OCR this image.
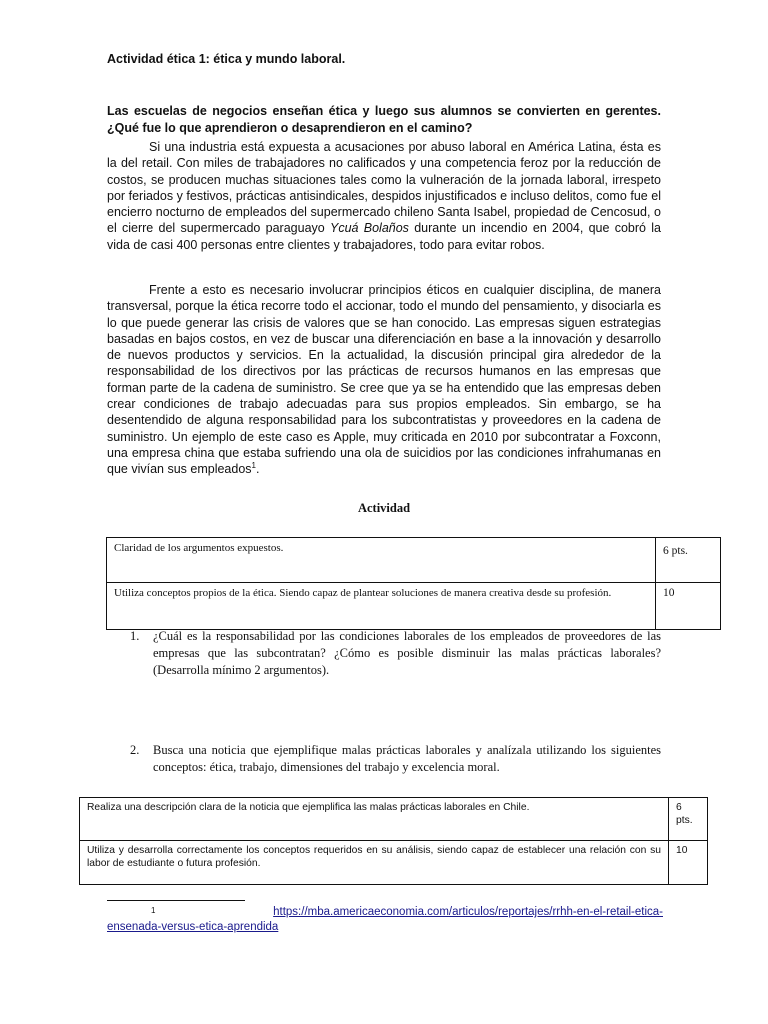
Actividad ética 1: ética y mundo laboral.
Las escuelas de negocios enseñan ética y luego sus alumnos se convierten en gerentes. ¿Qué fue lo que aprendieron o desaprendieron en el camino?

Si una industria está expuesta a acusaciones por abuso laboral en América Latina, ésta es la del retail. Con miles de trabajadores no calificados y una competencia feroz por la reducción de costos, se producen muchas situaciones tales como la vulneración de la jornada laboral, irrespeto por feriados y festivos, prácticas antisindicales, despidos injustificados e incluso delitos, como fue el encierro nocturno de empleados del supermercado chileno Santa Isabel, propiedad de Cencosud, o el cierre del supermercado paraguayo Ycuá Bolaños durante un incendio en 2004, que cobró la vida de casi 400 personas entre clientes y trabajadores, todo para evitar robos.

Frente a esto es necesario involucrar principios éticos en cualquier disciplina, de manera transversal, porque la ética recorre todo el accionar, todo el mundo del pensamiento, y disociarla es lo que puede generar las crisis de valores que se han conocido. Las empresas siguen estrategias basadas en bajos costos, en vez de buscar una diferenciación en base a la innovación y desarrollo de nuevos productos y servicios. En la actualidad, la discusión principal gira alrededor de la responsabilidad de los directivos por las prácticas de recursos humanos en las empresas que forman parte de la cadena de suministro. Se cree que ya se ha entendido que las empresas deben crear condiciones de trabajo adecuadas para sus propios empleados. Sin embargo, se ha desentendido de alguna responsabilidad para los subcontratistas y proveedores en la cadena de suministro. Un ejemplo de este caso es Apple, muy criticada en 2010 por subcontratar a Foxconn, una empresa china que estaba sufriendo una ola de suicidios por las condiciones infrahumanas en que vivían sus empleados$^1$.

Actividad
Claridad de los argumentos expuestos.	6 pts.
Utiliza conceptos propios de la ética. Siendo capaz de plantear soluciones de manera creativa desde su profesión.	10
1. ¿Cuál es la responsabilidad por las condiciones laborales de los empleados de proveedores de las empresas que las subcontratan? ¿Cómo es posible disminuir las malas prácticas laborales? (Desarrolla mínimo 2 argumentos).
2. Busca una noticia que ejemplifique malas prácticas laborales y analízala utilizando los siguientes conceptos: ética, trabajo, dimensiones del trabajo y excelencia moral.
Realiza una descripción clara de la noticia que ejemplifica las malas prácticas laborales en Chile.	6 pts.
Utiliza y desarrolla correctamente los conceptos requeridos en su análisis, siendo capaz de establecer una relación con su labor de estudiante o futura profesión.	10
1	https://mba.americaeconomia.com/articulos/reportajes/rrhh-en-el-retail-etica-
ensenada-versus-etica-aprendida
